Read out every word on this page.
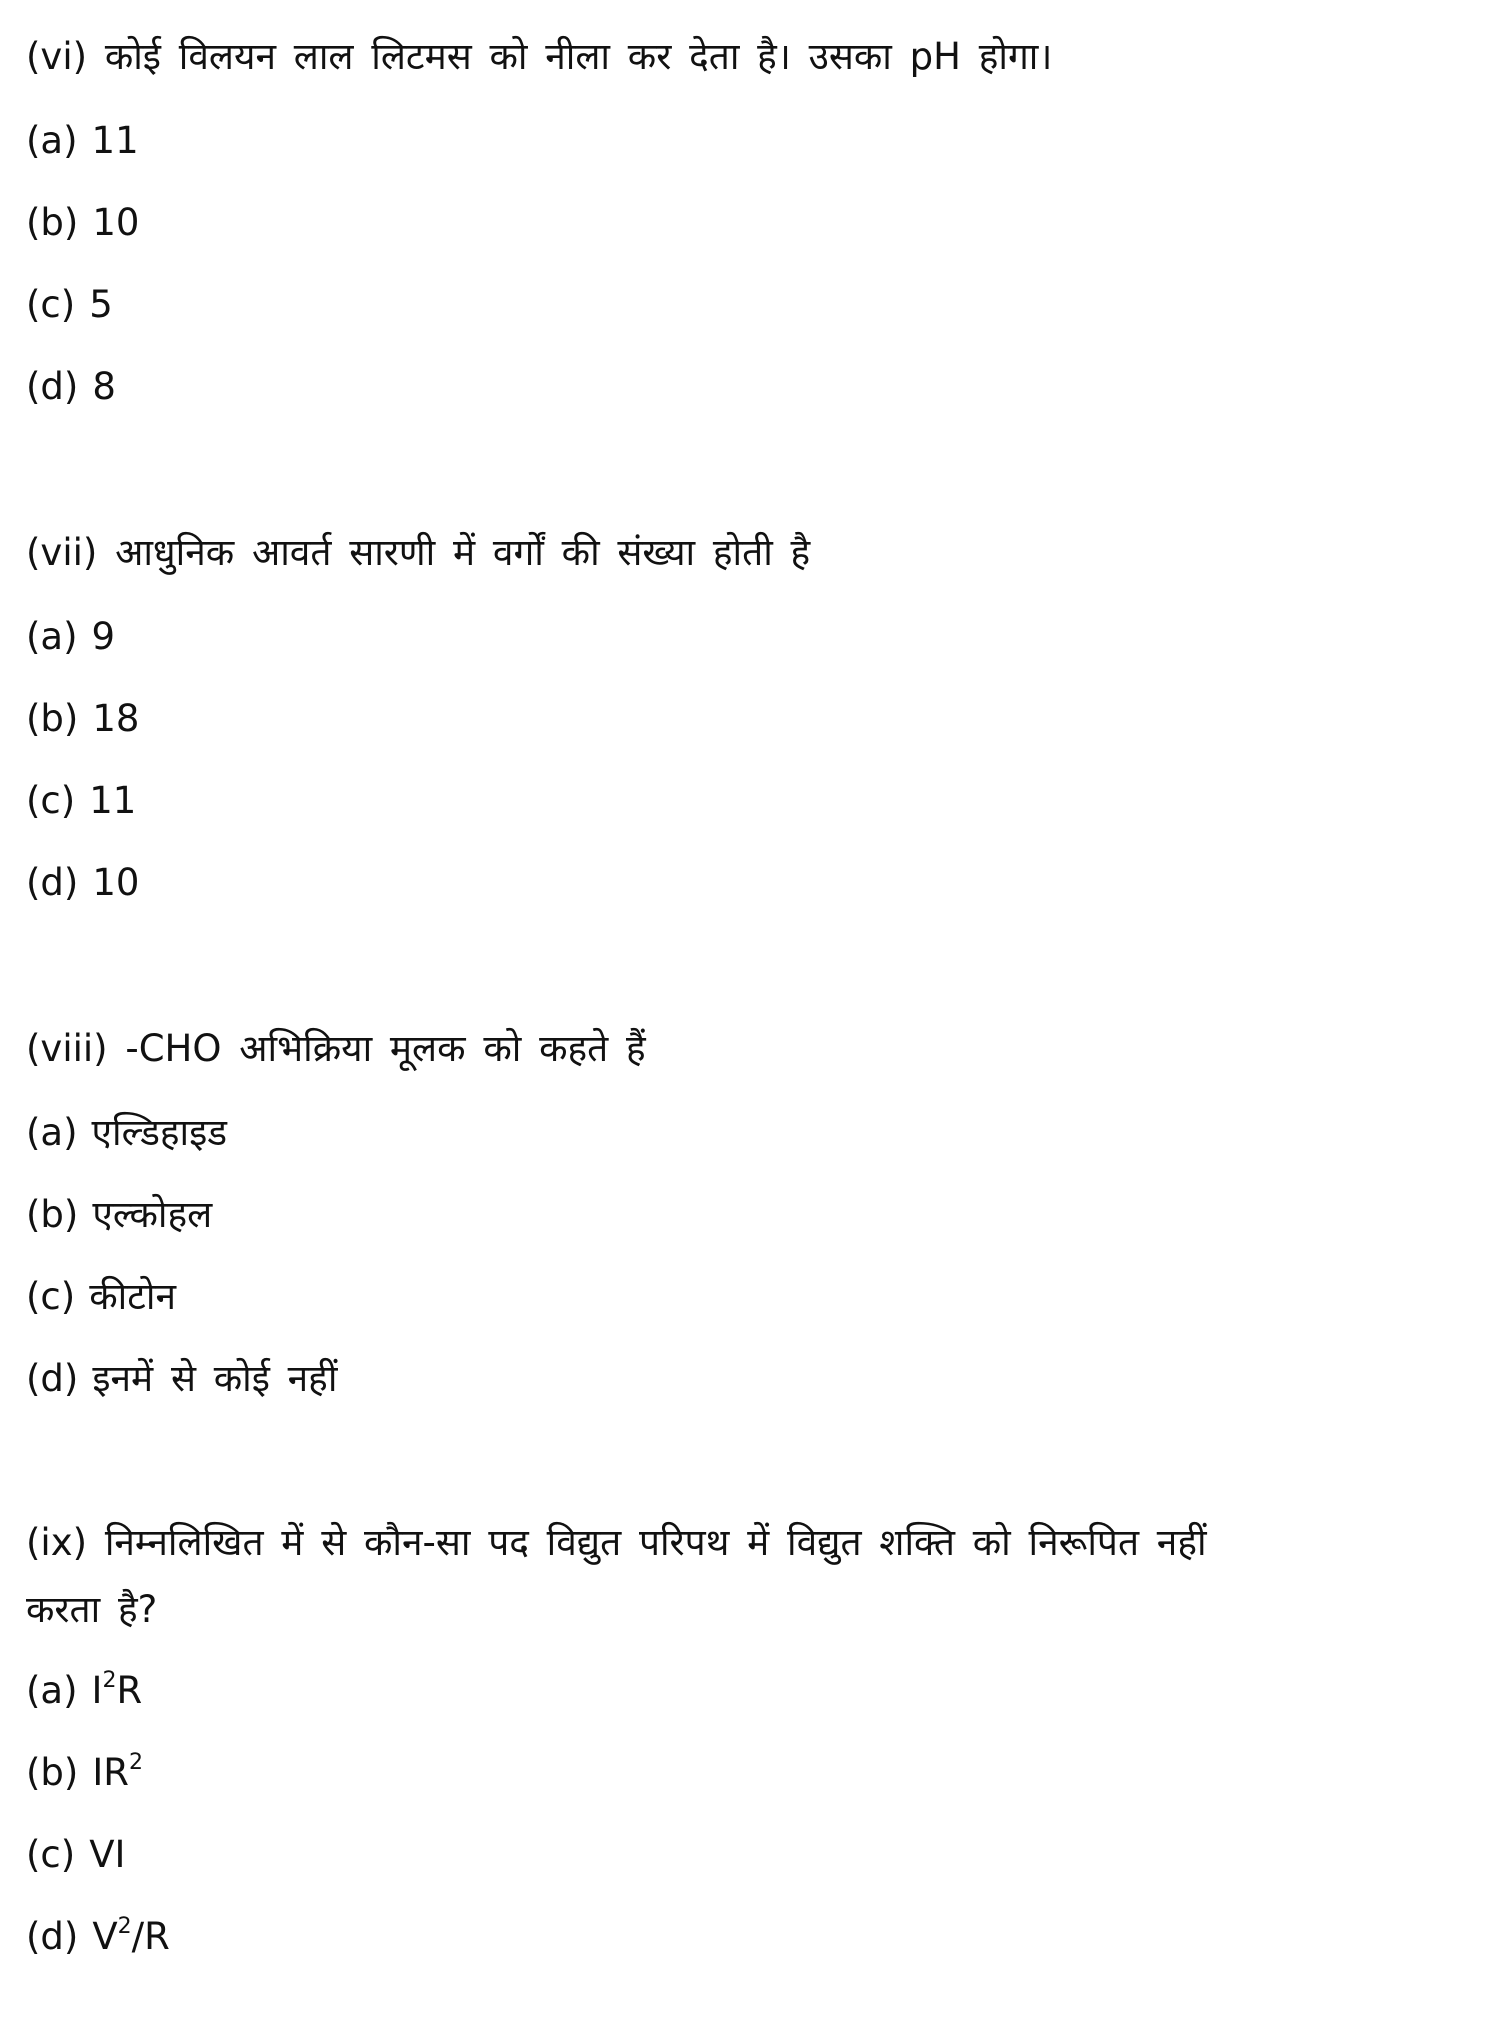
(vi) कोई विलयन लाल लिटमस को नीला कर देता है। उसका pH होगा।
(a) 11
(b) 10
(c) 5
(d) 8
(vii) आधुनिक आवर्त सारणी में वर्गों की संख्या होती है
(a) 9
(b) 18
(c) 11
(d) 10
(viii) -CHO अभिक्रिया मूलक को कहते हैं
(a) एल्डिहाइड
(b) एल्कोहल
(c) कीटोन
(d) इनमें से कोई नहीं
(ix) निम्नलिखित में से कौन-सा पद विद्युत परिपथ में विद्युत शक्ति को निरूपित नहीं
करता है?
(a) $I^2R$
(b) $IR^2$
(c) VI
(d) $V^2/R$
